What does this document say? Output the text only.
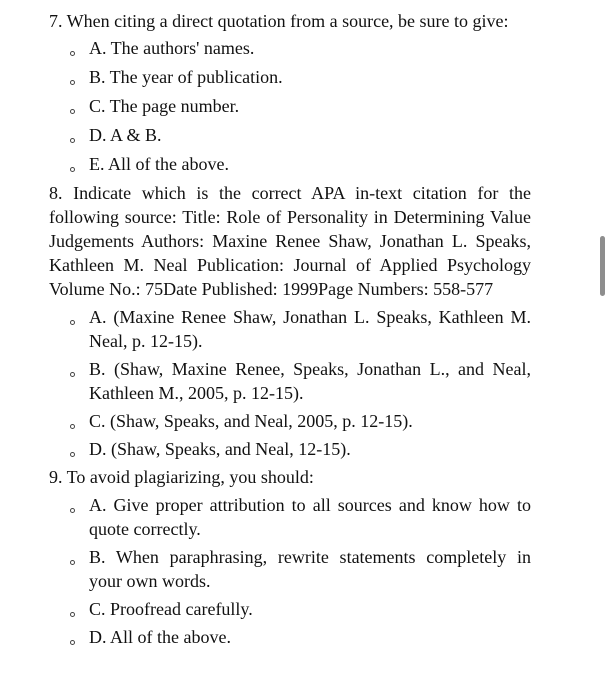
7. When citing a direct quotation from a source, be sure to give:

A. The authors' names.
B. The year of publication.
C. The page number.
D. A & B.
E. All of the above.

8. Indicate which is the correct APA in-text citation for the following source: Title: Role of Personality in Determining Value Judgements Authors: Maxine Renee Shaw, Jonathan L. Speaks, Kathleen M. Neal Publication: Journal of Applied Psychology Volume No.: 75Date Published: 1999Page Numbers: 558-577

A. (Maxine Renee Shaw, Jonathan L. Speaks, Kathleen M. Neal, p. 12-15).
B. (Shaw, Maxine Renee, Speaks, Jonathan L., and Neal, Kathleen M., 2005, p. 12-15).
C. (Shaw, Speaks, and Neal, 2005, p. 12-15).
D. (Shaw, Speaks, and Neal, 12-15).

9. To avoid plagiarizing, you should:

A. Give proper attribution to all sources and know how to quote correctly.
B. When paraphrasing, rewrite statements completely in your own words.
C. Proofread carefully.
D. All of the above.
